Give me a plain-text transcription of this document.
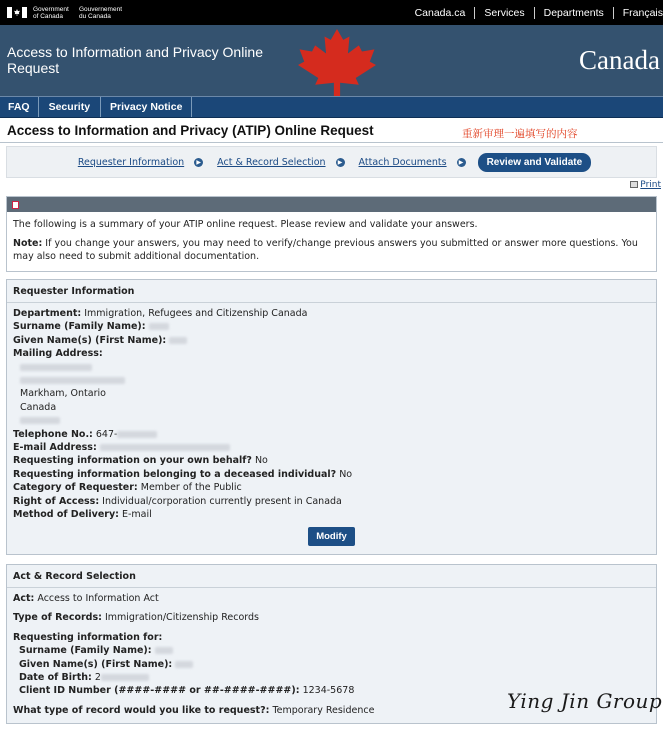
Government of Canada
Gouvernement du Canada	Canada.ca	Services	Departments	Français
Access to Information and Privacy Online Request	Canada
FAQ	Security	Privacy Notice
Access to Information and Privacy (ATIP) Online Request	重新审理一遍填写的内容
Requester Information	▶ Act & Record Selection	▶ Attach Documents	▶	Review and Validate
Print

The following is a summary of your ATIP online request. Please review and validate your answers.

Note: If you change your answers, you may need to verify/change previous answers you submitted or answer more questions. You may also need to submit additional documentation.

Requester Information
Department: Immigration, Refugees and Citizenship Canada
Surname (Family Name):
Given Name(s) (First Name):
Mailing Address:
Markham, Ontario
Canada
Telephone No.: 647-
E-mail Address:
Requesting information on your own behalf? No
Requesting information belonging to a deceased individual? No
Category of Requester: Member of the Public
Right of Access: Individual/corporation currently present in Canada
Method of Delivery: E-mail
Modify
Act & Record Selection
Act: Access to Information Act
Type of Records: Immigration/Citizenship Records
Requesting information for:
Surname (Family Name):
Given Name(s) (First Name):
Date of Birth: 2
Client ID Number (####-#### or ##-####-####): 1234-5678
What type of record would you like to request?: Temporary Residence	Ying Jin Group
